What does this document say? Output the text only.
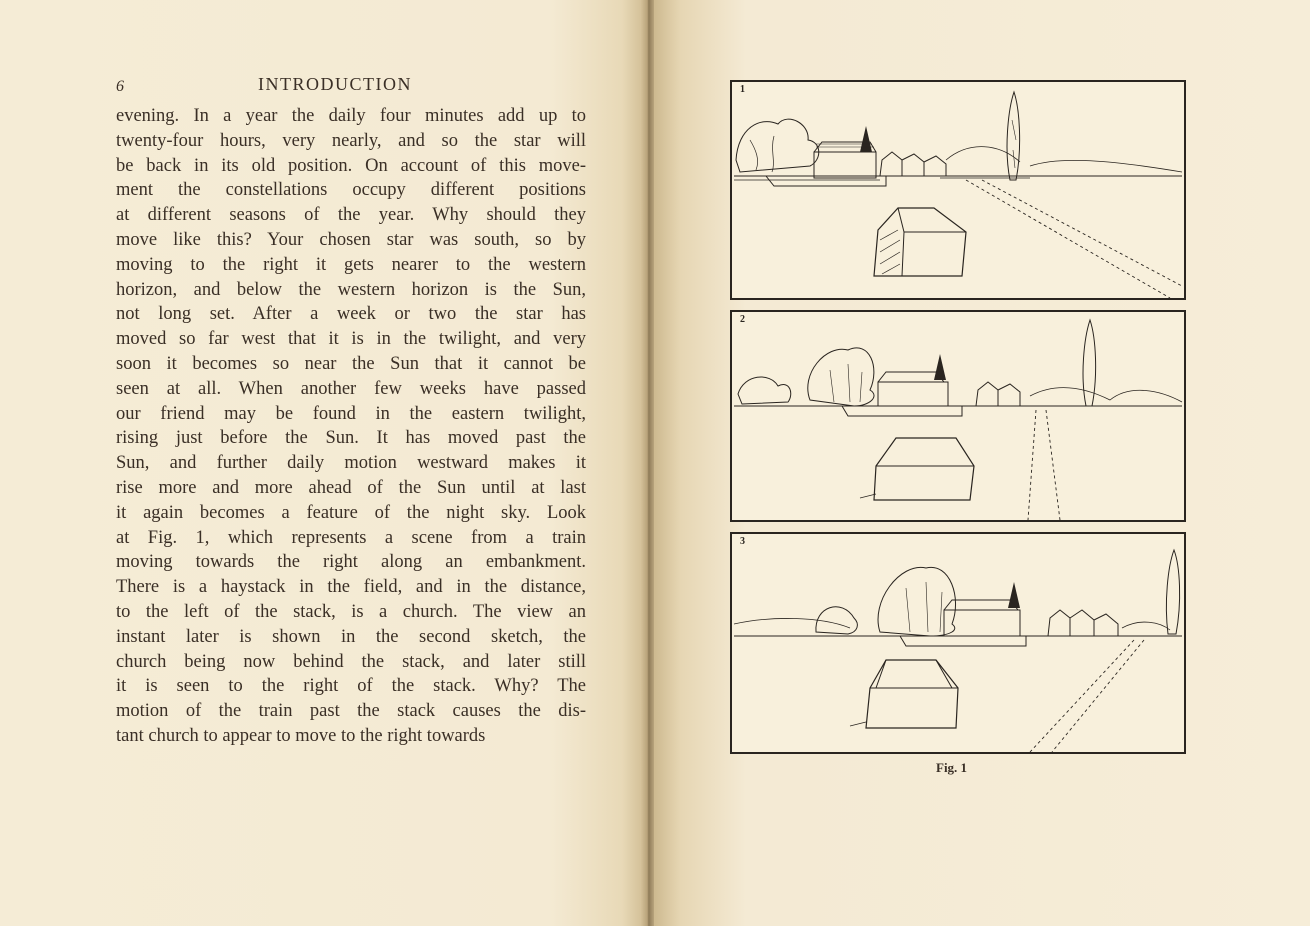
6	INTRODUCTION
evening. In a year the daily four minutes add up to
twenty-four hours, very nearly, and so the star will
be back in its old position. On account of this move-
ment the constellations occupy different positions
at different seasons of the year. Why should they
move like this? Your chosen star was south, so by
moving to the right it gets nearer to the western
horizon, and below the western horizon is the Sun,
not long set. After a week or two the star has
moved so far west that it is in the twilight, and very
soon it becomes so near the Sun that it cannot be
seen at all. When another few weeks have passed
our friend may be found in the eastern twilight,
rising just before the Sun. It has moved past the
Sun, and further daily motion westward makes it
rise more and more ahead of the Sun until at last
it again becomes a feature of the night sky. Look
at Fig. 1, which represents a scene from a train
moving towards the right along an embankment.
There is a haystack in the field, and in the distance,
to the left of the stack, is a church. The view an
instant later is shown in the second sketch, the
church being now behind the stack, and later still
it is seen to the right of the stack. Why? The
motion of the train past the stack causes the dis-
tant church to appear to move to the right towards
1
2
3
Fig. 1
